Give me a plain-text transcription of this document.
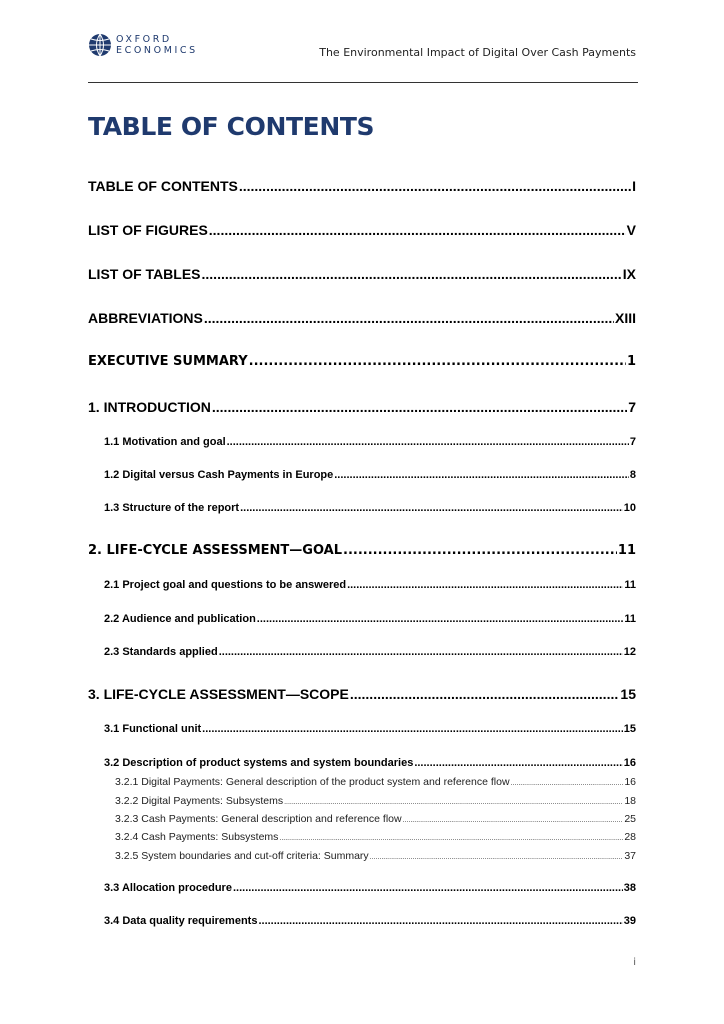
OXFORD
ECONOMICS	The Environmental Impact of Digital Over Cash Payments
TABLE OF CONTENTS
TABLE OF CONTENTS .....	I
LIST OF FIGURES .....	V
LIST OF TABLES .....	IX
ABBREVIATIONS .....	XIII
EXECUTIVE SUMMARY .....	1
1. INTRODUCTION .....	7
1.1 Motivation and goal .....	7
1.2 Digital versus Cash Payments in Europe .....	8
1.3 Structure of the report .....	10
2. LIFE-CYCLE ASSESSMENT—GOAL .....	11
2.1 Project goal and questions to be answered .....	11
2.2 Audience and publication .....	11
2.3 Standards applied .....	12
3. LIFE-CYCLE ASSESSMENT—SCOPE .....	15
3.1 Functional unit .....	15
3.2 Description of product systems and system boundaries .....	16
3.2.1 Digital Payments: General description of the product system and reference flow .....	16
3.2.2 Digital Payments: Subsystems .....	18
3.2.3 Cash Payments: General description and reference flow .....	25
3.2.4 Cash Payments: Subsystems .....	28
3.2.5 System boundaries and cut-off criteria: Summary .....	37
3.3 Allocation procedure .....	38
3.4 Data quality requirements .....	39
i
